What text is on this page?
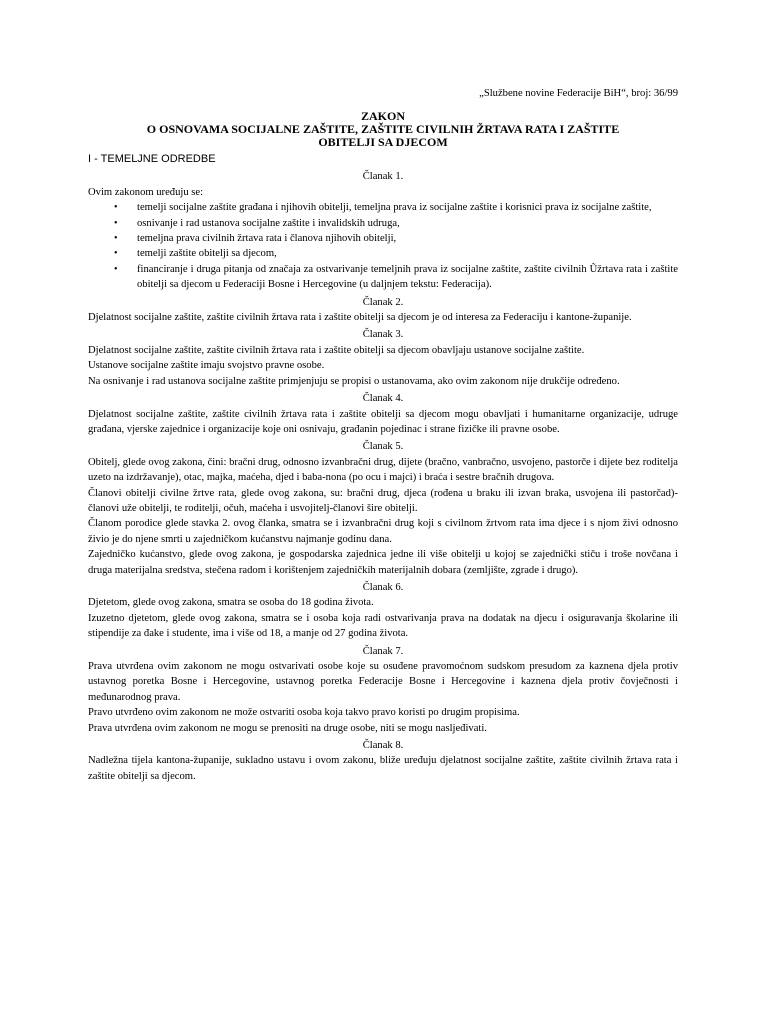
„Službene novine Federacije BiH“, broj: 36/99
ZAKON
O OSNOVAMA SOCIJALNE ZAŠTITE, ZAŠTITE CIVILNIH ŽRTAVA RATA I ZAŠTITE
OBITELJI SA DJECOM
I - TEMELJNE ODREDBE
Članak 1.

Ovim zakonom uređuju se:

• temelji socijalne zaštite građana i njihovih obitelji, temeljna prava iz socijalne zaštite i korisnici prava iz socijalne zaštite,
• osnivanje i rad ustanova socijalne zaštite i invalidskih udruga,
• temeljna prava civilnih žrtava rata i članova njihovih obitelji,
• temelji zaštite obitelji sa djecom,
• financiranje i druga pitanja od značaja za ostvarivanje temeljnih prava iz socijalne zaštite, zaštite civilnih Ũžrtava rata i zaštite obitelji sa djecom u Federaciji Bosne i Hercegovine (u daljnjem tekstu: Federacija).
Članak 2.

Djelatnost socijalne zaštite, zaštite civilnih žrtava rata i zaštite obitelji sa djecom je od interesa za Federaciju i kantone-županije.

Članak 3.

Djelatnost socijalne zaštite, zaštite civilnih žrtava rata i zaštite obitelji sa djecom obavljaju ustanove socijalne zaštite.

Ustanove socijalne zaštite imaju svojstvo pravne osobe.

Na osnivanje i rad ustanova socijalne zaštite primjenjuju se propisi o ustanovama, ako ovim zakonom nije drukčije određeno.

Članak 4.

Djelatnost socijalne zaštite, zaštite civilnih žrtava rata i zaštite obitelji sa djecom mogu obavljati i humanitarne organizacije, udruge građana, vjerske zajednice i organizacije koje oni osnivaju, građanin pojedinac i strane fizičke ili pravne osobe.

Članak 5.

Obitelj, glede ovog zakona, čini: bračni drug, odnosno izvanbračni drug, dijete (bračno, vanbračno, usvojeno, pastorče i dijete bez roditelja uzeto na izdržavanje), otac, majka, maćeha, djed i baba-nona (po ocu i majci) i braća i sestre bračnih drugova.

Članovi obitelji civilne žrtve rata, glede ovog zakona, su: bračni drug, djeca (rođena u braku ili izvan braka, usvojena ili pastorčad)-članovi uže obitelji, te roditelji, očuh, maćeha i usvojitelj-članovi šire obitelji.

Članom porodice glede stavka 2. ovog članka, smatra se i izvanbračni drug koji s civilnom žrtvom rata ima djece i s njom živi odnosno živio je do njene smrti u zajedničkom kućanstvu najmanje godinu dana.

Zajedničko kućanstvo, glede ovog zakona, je gospodarska zajednica jedne ili više obitelji u kojoj se zajednički stiču i troše novčana i druga materijalna sredstva, stečena radom i korištenjem zajedničkih materijalnih dobara (zemljište, zgrade i drugo).

Članak 6.

Djetetom, glede ovog zakona, smatra se osoba do 18 godina života.

Izuzetno djetetom, glede ovog zakona, smatra se i osoba koja radi ostvarivanja prava na dodatak na djecu i osiguravanja školarine ili stipendije za đake i studente, ima i više od 18, a manje od 27 godina života.

Članak 7.

Prava utvrđena ovim zakonom ne mogu ostvarivati osobe koje su osuđene pravomoćnom sudskom presudom za kaznena djela protiv ustavnog poretka Bosne i Hercegovine, ustavnog poretka Federacije Bosne i Hercegovine i kaznena djela protiv čovječnosti i međunarodnog prava.

Pravo utvrđeno ovim zakonom ne može ostvariti osoba koja takvo pravo koristi po drugim propisima.

Prava utvrđena ovim zakonom ne mogu se prenositi na druge osobe, niti se mogu nasljeđivati.

Članak 8.

Nadležna tijela kantona-županije, sukladno ustavu i ovom zakonu, bliže uređuju djelatnost socijalne zaštite, zaštite civilnih žrtava rata i zaštite obitelji sa djecom.
